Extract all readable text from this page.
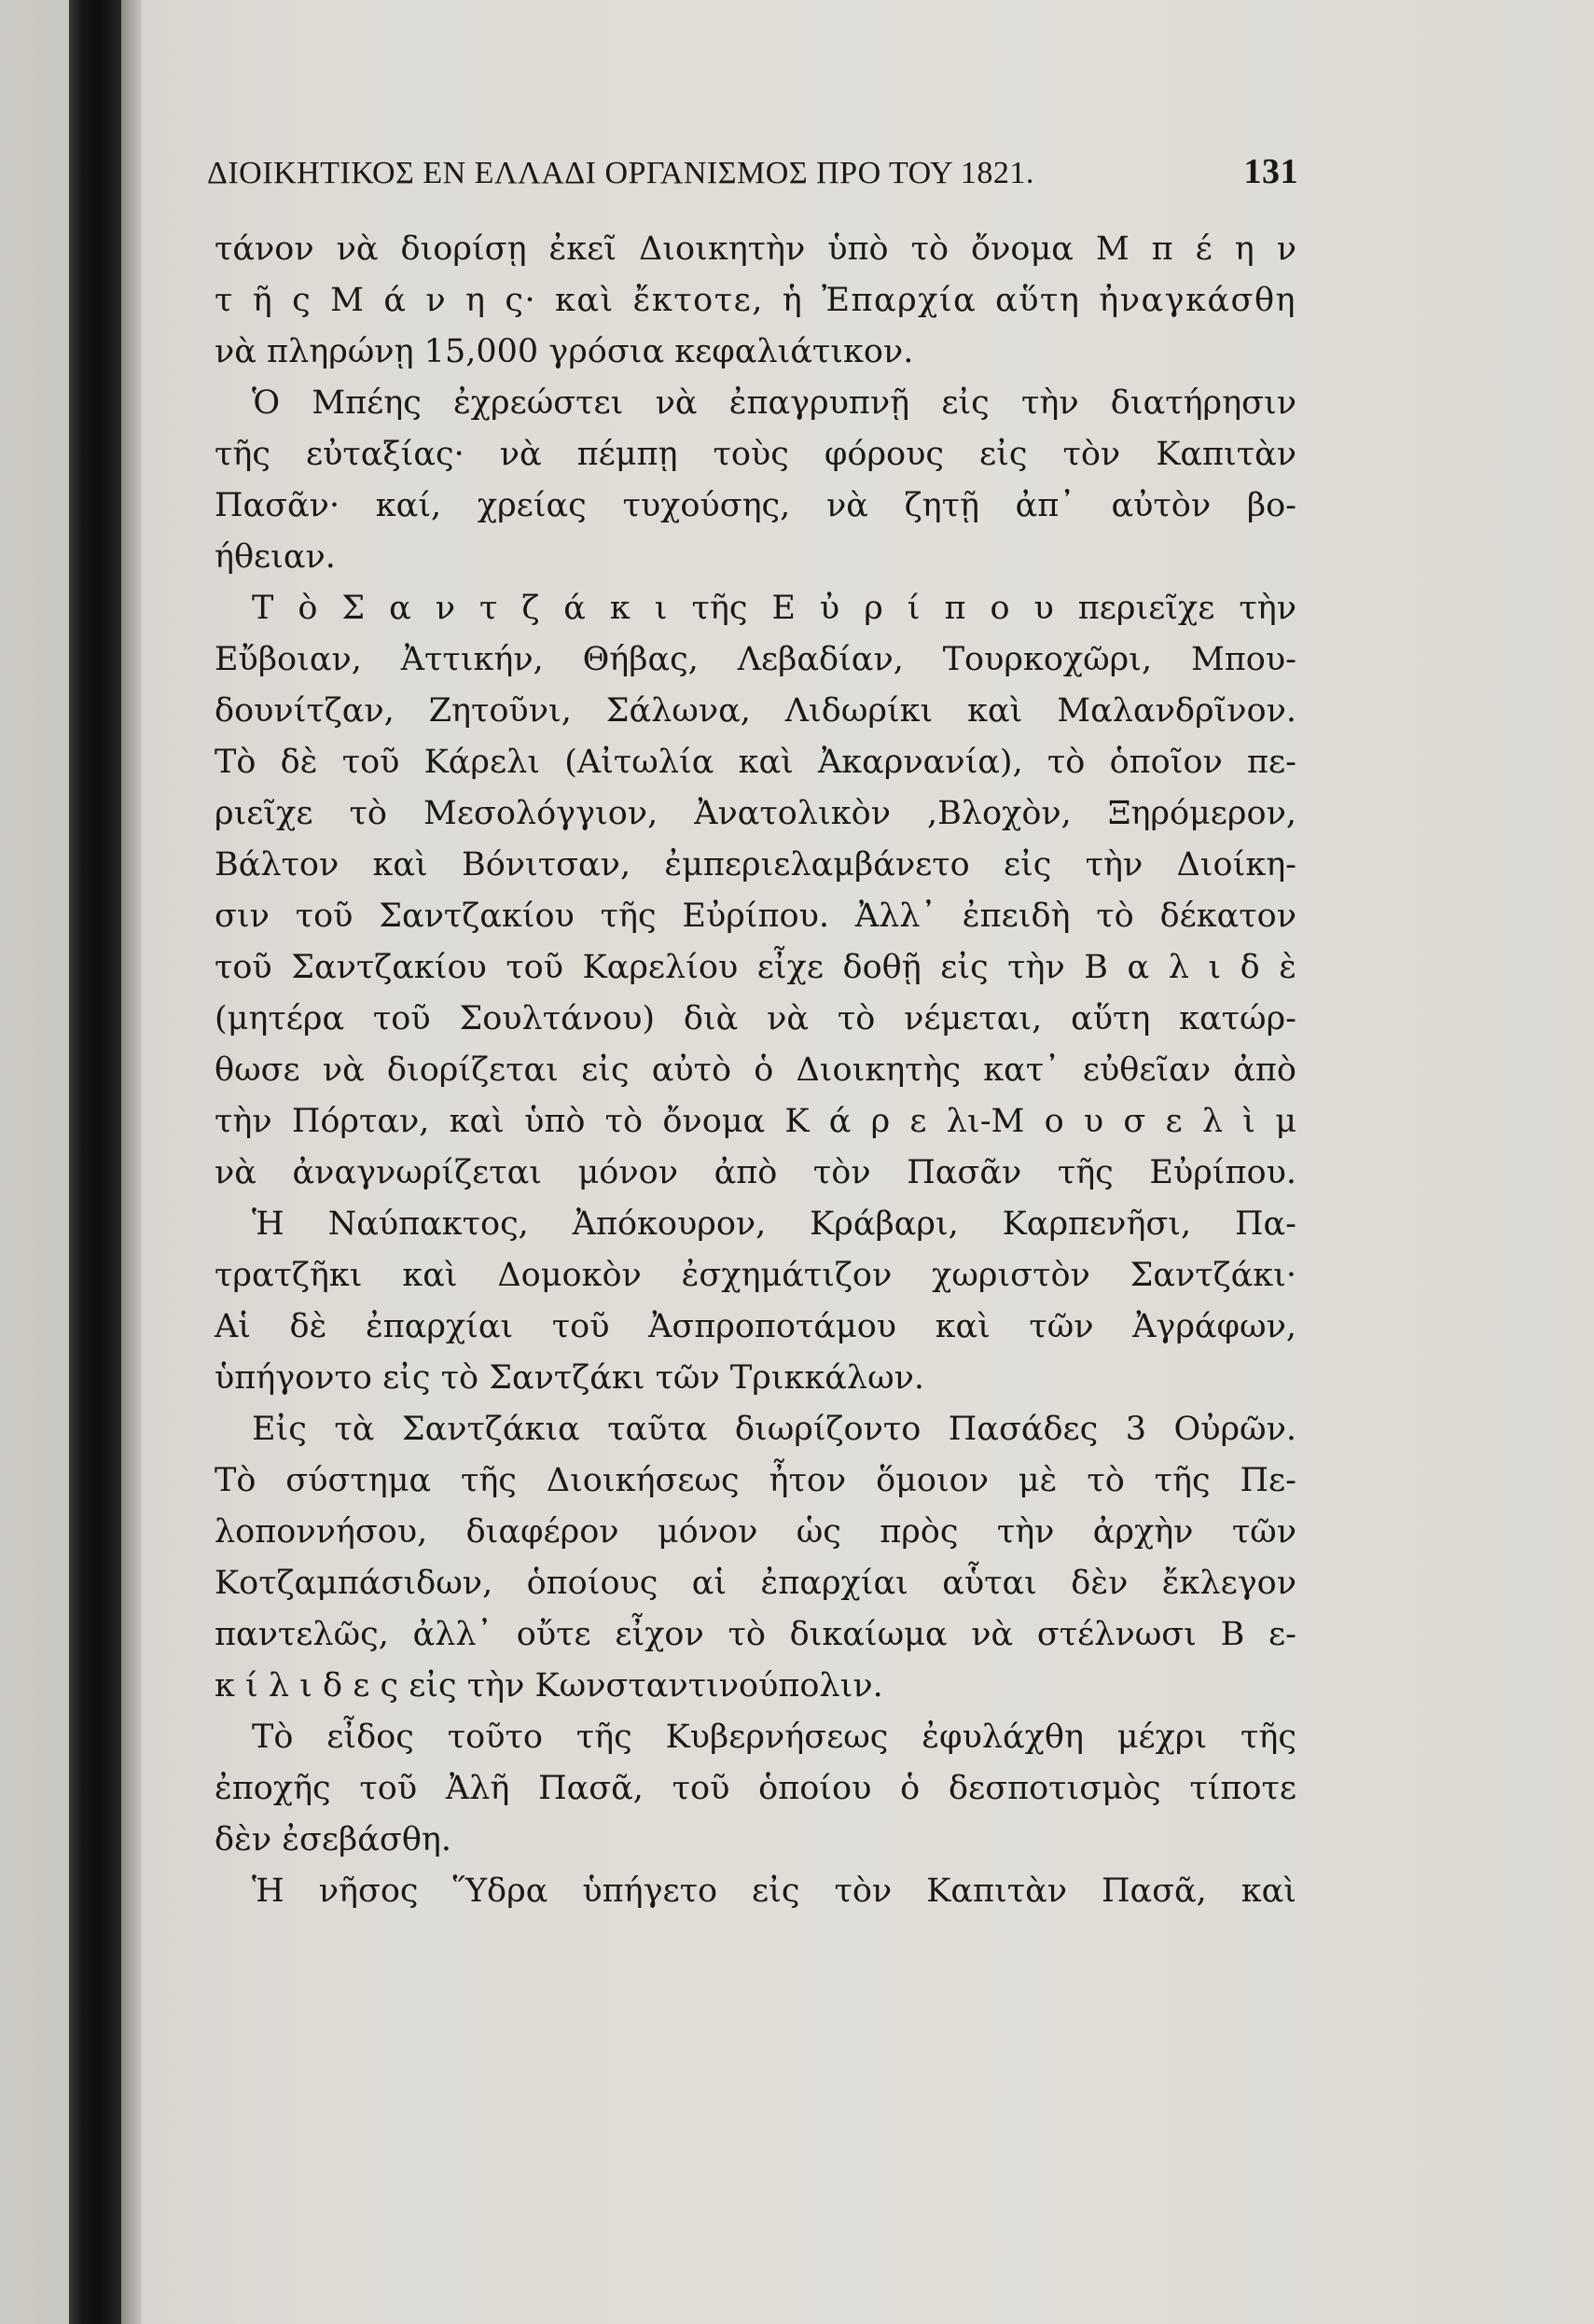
ΔΙΟΙΚΗΤΙΚΟΣ ΕΝ ΕΛΛΑΔΙ ΟΡΓΑΝΙΣΜΟΣ ΠΡΟ ΤΟΥ 1821.	131
τάνον νὰ διορίσῃ ἐκεῖ Διοικητὴν ὑπὸ τὸ ὄνομα Μ π έ η ν
τ ῆ ς Μ ά ν η ς· καὶ ἔκτοτε, ἡ Ἐπαρχία αὕτη ἠναγκάσθη
νὰ πληρώνῃ 15,000 γρόσια κεφαλιάτικον.
Ὁ Μπέης ἐχρεώστει νὰ ἐπαγρυπνῇ εἰς τὴν διατήρησιν
τῆς εὐταξίας· νὰ πέμπῃ τοὺς φόρους εἰς τὸν Καπιτὰν
Πασᾶν· καί, χρείας τυχούσης, νὰ ζητῇ ἀπ᾽ αὐτὸν βο-
ήθειαν.
Τ ὸ Σ α ν τ ζ ά κ ι τῆς Ε ὐ ρ ί π ο υ περιεῖχε τὴν
Εὔβοιαν, Ἀττικήν, Θήβας, Λεβαδίαν, Τουρκοχῶρι, Μπου-
δουνίτζαν, Ζητοῦνι, Σάλωνα, Λιδωρίκι καὶ Μαλανδρῖνον.
Τὸ δὲ τοῦ Κάρελι (Αἰτωλία καὶ Ἀκαρνανία), τὸ ὁποῖον πε-
ριεῖχε τὸ Μεσολόγγιον, Ἀνατολικὸν ,Βλοχὸν, Ξηρόμερον,
Βάλτον καὶ Βόνιτσαν, ἐμπεριελαμβάνετο εἰς τὴν Διοίκη-
σιν τοῦ Σαντζακίου τῆς Εὐρίπου. Ἀλλ᾽ ἐπειδὴ τὸ δέκατον
τοῦ Σαντζακίου τοῦ Καρελίου εἶχε δοθῇ εἰς τὴν Β α λ ι δ ὲ
(μητέρα τοῦ Σουλτάνου) διὰ νὰ τὸ νέμεται, αὕτη κατώρ-
θωσε νὰ διορίζεται εἰς αὐτὸ ὁ Διοικητὴς κατ᾽ εὐθεῖαν ἀπὸ
τὴν Πόρταν, καὶ ὑπὸ τὸ ὄνομα Κ ά ρ ε λι-Μ ο υ σ ε λ ὶ μ
νὰ ἀναγνωρίζεται μόνον ἀπὸ τὸν Πασᾶν τῆς Εὐρίπου.
Ἡ Ναύπακτος, Ἀπόκουρον, Κράβαρι, Καρπενῆσι, Πα-
τρατζῆκι καὶ Δομοκὸν ἐσχημάτιζον χωριστὸν Σαντζάκι·
Αἱ δὲ ἐπαρχίαι τοῦ Ἀσπροποτάμου καὶ τῶν Ἀγράφων,
ὑπήγοντο εἰς τὸ Σαντζάκι τῶν Τρικκάλων.
Εἰς τὰ Σαντζάκια ταῦτα διωρίζοντο Πασάδες 3 Οὐρῶν.
Τὸ σύστημα τῆς Διοικήσεως ἦτον ὅμοιον μὲ τὸ τῆς Πε-
λοποννήσου, διαφέρον μόνον ὡς πρὸς τὴν ἀρχὴν τῶν
Κοτζαμπάσιδων, ὁποίους αἱ ἐπαρχίαι αὗται δὲν ἔκλεγον
παντελῶς, ἀλλ᾽ οὔτε εἶχον τὸ δικαίωμα νὰ στέλνωσι Β ε-
κ ί λ ι δ ε ς εἰς τὴν Κωνσταντινούπολιν.
Τὸ εἶδος τοῦτο τῆς Κυβερνήσεως ἐφυλάχθη μέχρι τῆς
ἐποχῆς τοῦ Ἀλῆ Πασᾶ, τοῦ ὁποίου ὁ δεσποτισμὸς τίποτε
δὲν ἐσεβάσθη.
Ἡ νῆσος Ὕδρα ὑπήγετο εἰς τὸν Καπιτὰν Πασᾶ, καὶ
